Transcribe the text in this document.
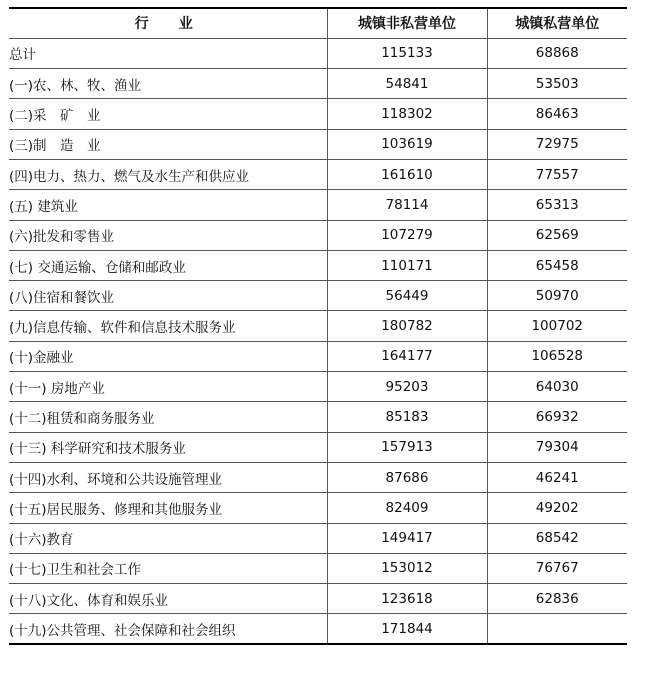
行　业	城镇非私营单位	城镇私营单位
总计	115133	68868
(一)农、林、牧、渔业	54841	53503
(二)采　矿　业	118302	86463
(三)制　造　业	103619	72975
(四)电力、热力、燃气及水生产和供应业	161610	77557
(五) 建筑业	78114	65313
(六)批发和零售业	107279	62569
(七) 交通运输、仓储和邮政业	110171	65458
(八)住宿和餐饮业	56449	50970
(九)信息传输、软件和信息技术服务业	180782	100702
(十)金融业	164177	106528
(十一) 房地产业	95203	64030
(十二)租赁和商务服务业	85183	66932
(十三) 科学研究和技术服务业	157913	79304
(十四)水利、环境和公共设施管理业	87686	46241
(十五)居民服务、修理和其他服务业	82409	49202
(十六)教育	149417	68542
(十七)卫生和社会工作	153012	76767
(十八)文化、体育和娱乐业	123618	62836
(十九)公共管理、社会保障和社会组织	171844	
